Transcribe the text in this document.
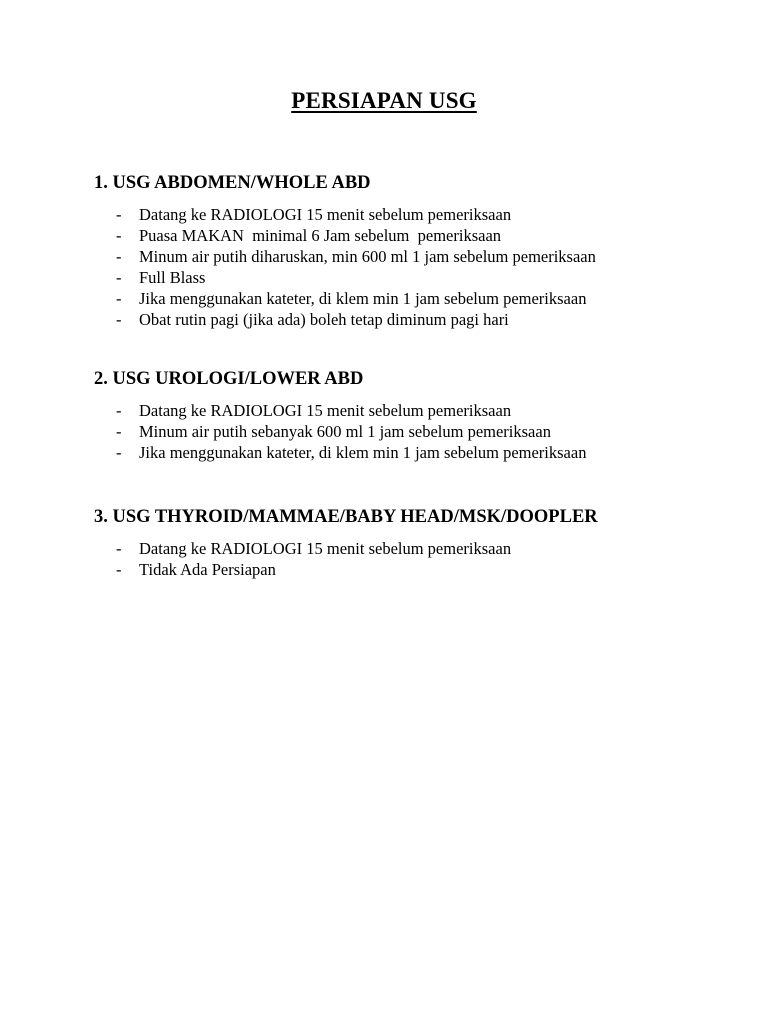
PERSIAPAN USG
1. USG ABDOMEN/WHOLE ABD
- Datang ke RADIOLOGI 15 menit sebelum pemeriksaan
- Puasa MAKAN  minimal 6 Jam sebelum  pemeriksaan
- Minum air putih diharuskan, min 600 ml 1 jam sebelum pemeriksaan
- Full Blass
- Jika menggunakan kateter, di klem min 1 jam sebelum pemeriksaan
- Obat rutin pagi (jika ada) boleh tetap diminum pagi hari
2. USG UROLOGI/LOWER ABD
- Datang ke RADIOLOGI 15 menit sebelum pemeriksaan
- Minum air putih sebanyak 600 ml 1 jam sebelum pemeriksaan
- Jika menggunakan kateter, di klem min 1 jam sebelum pemeriksaan
3. USG THYROID/MAMMAE/BABY HEAD/MSK/DOOPLER
- Datang ke RADIOLOGI 15 menit sebelum pemeriksaan
- Tidak Ada Persiapan
